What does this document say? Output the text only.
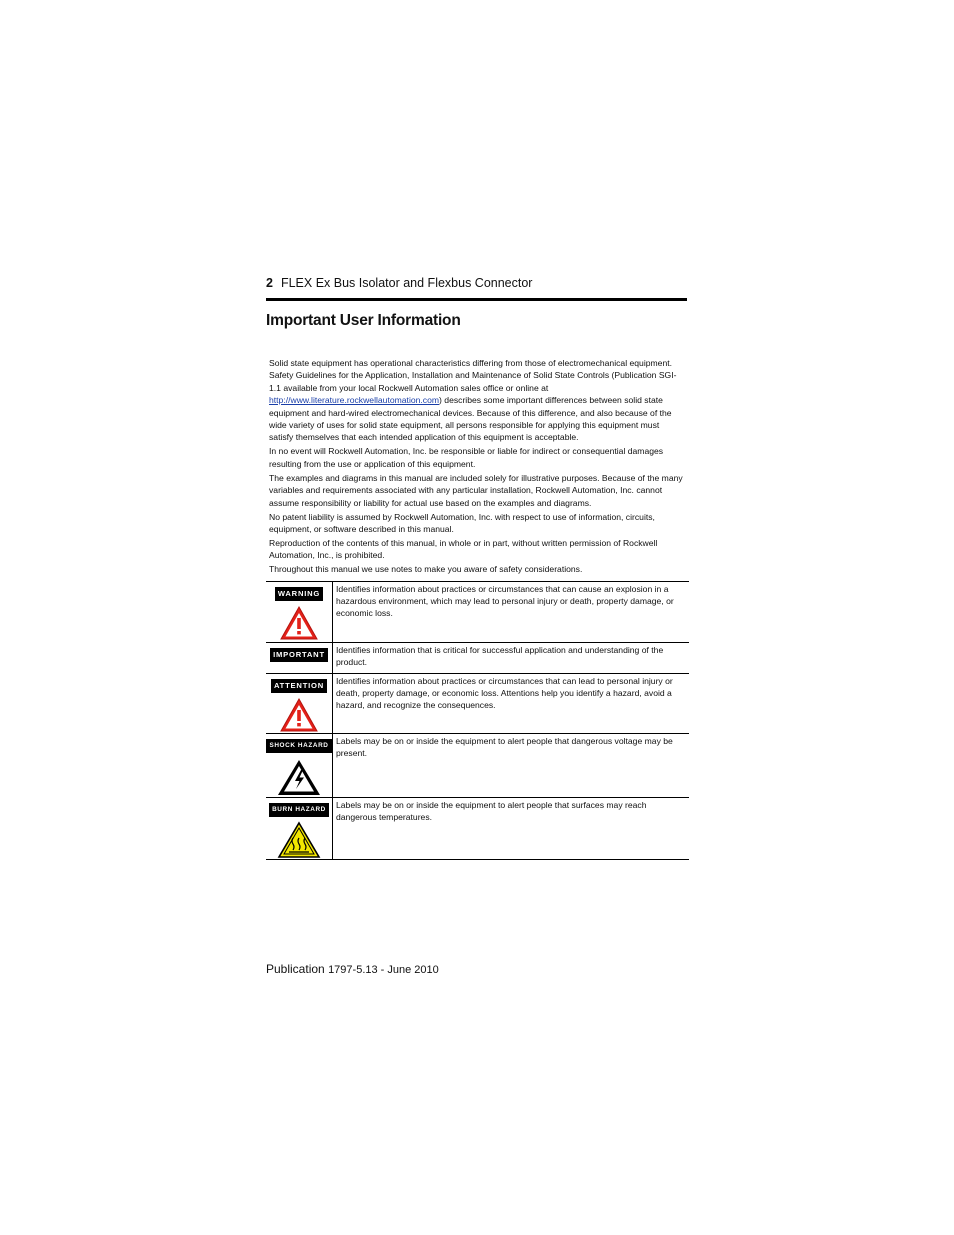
2 FLEX Ex Bus Isolator and Flexbus Connector
Important User Information

Solid state equipment has operational characteristics differing from those of electromechanical equipment. Safety Guidelines for the Application, Installation and Maintenance of Solid State Controls (Publication SGI-1.1 available from your local Rockwell Automation sales office or online at http://www.literature.rockwellautomation.com) describes some important differences between solid state equipment and hard-wired electromechanical devices. Because of this difference, and also because of the wide variety of uses for solid state equipment, all persons responsible for applying this equipment must satisfy themselves that each intended application of this equipment is acceptable.

In no event will Rockwell Automation, Inc. be responsible or liable for indirect or consequential damages resulting from the use or application of this equipment.

The examples and diagrams in this manual are included solely for illustrative purposes. Because of the many variables and requirements associated with any particular installation, Rockwell Automation, Inc. cannot assume responsibility or liability for actual use based on the examples and diagrams.

No patent liability is assumed by Rockwell Automation, Inc. with respect to use of information, circuits, equipment, or software described in this manual.

Reproduction of the contents of this manual, in whole or in part, without written permission of Rockwell Automation, Inc., is prohibited.

Throughout this manual we use notes to make you aware of safety considerations.

WARNING	Identifies information about practices or circumstances that can cause an explosion in a hazardous environment, which may lead to personal injury or death, property damage, or economic loss.
IMPORTANT	Identifies information that is critical for successful application and understanding of the product.
ATTENTION	Identifies information about practices or circumstances that can lead to personal injury or death, property damage, or economic loss. Attentions help you identify a hazard, avoid a hazard, and recognize the consequences.
SHOCK HAZARD	Labels may be on or inside the equipment to alert people that dangerous voltage may be present.
BURN HAZARD	Labels may be on or inside the equipment to alert people that surfaces may reach dangerous temperatures.
Publication 1797-5.13 - June 2010
